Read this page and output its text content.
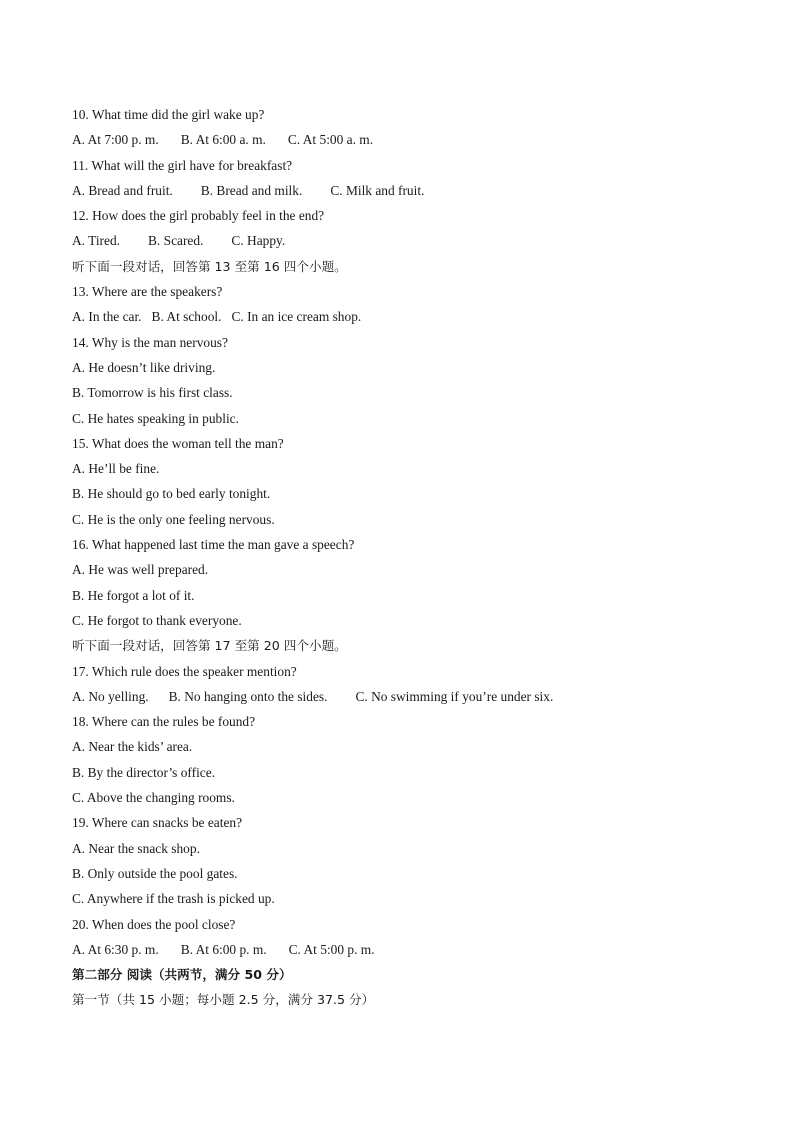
10. What time did the girl wake up?
A. At 7:00 p. m. B. At 6:00 a. m. C. At 5:00 a. m.
11. What will the girl have for breakfast?
A. Bread and fruit. B. Bread and milk. C. Milk and fruit.
12. How does the girl probably feel in the end?
A. Tired. B. Scared. C. Happy.
听下面一段对话，回答第 13 至第 16 四个小题。
13. Where are the speakers?
A. In the car. B. At school. C. In an ice cream shop.
14. Why is the man nervous?
A. He doesn’t like driving.
B. Tomorrow is his first class.
C. He hates speaking in public.
15. What does the woman tell the man?
A. He’ll be fine.
B. He should go to bed early tonight.
C. He is the only one feeling nervous.
16. What happened last time the man gave a speech?
A. He was well prepared.
B. He forgot a lot of it.
C. He forgot to thank everyone.
听下面一段对话，回答第 17 至第 20 四个小题。
17. Which rule does the speaker mention?
A. No yelling. B. No hanging onto the sides. C. No swimming if you’re under six.
18. Where can the rules be found?
A. Near the kids’ area.
B. By the director’s office.
C. Above the changing rooms.
19. Where can snacks be eaten?
A. Near the snack shop.
B. Only outside the pool gates.
C. Anywhere if the trash is picked up.
20. When does the pool close?
A. At 6:30 p. m. B. At 6:00 p. m. C. At 5:00 p. m.
第二部分 阅读（共两节，满分 50 分）
第一节（共 15 小题；每小题 2.5 分，满分 37.5 分）
